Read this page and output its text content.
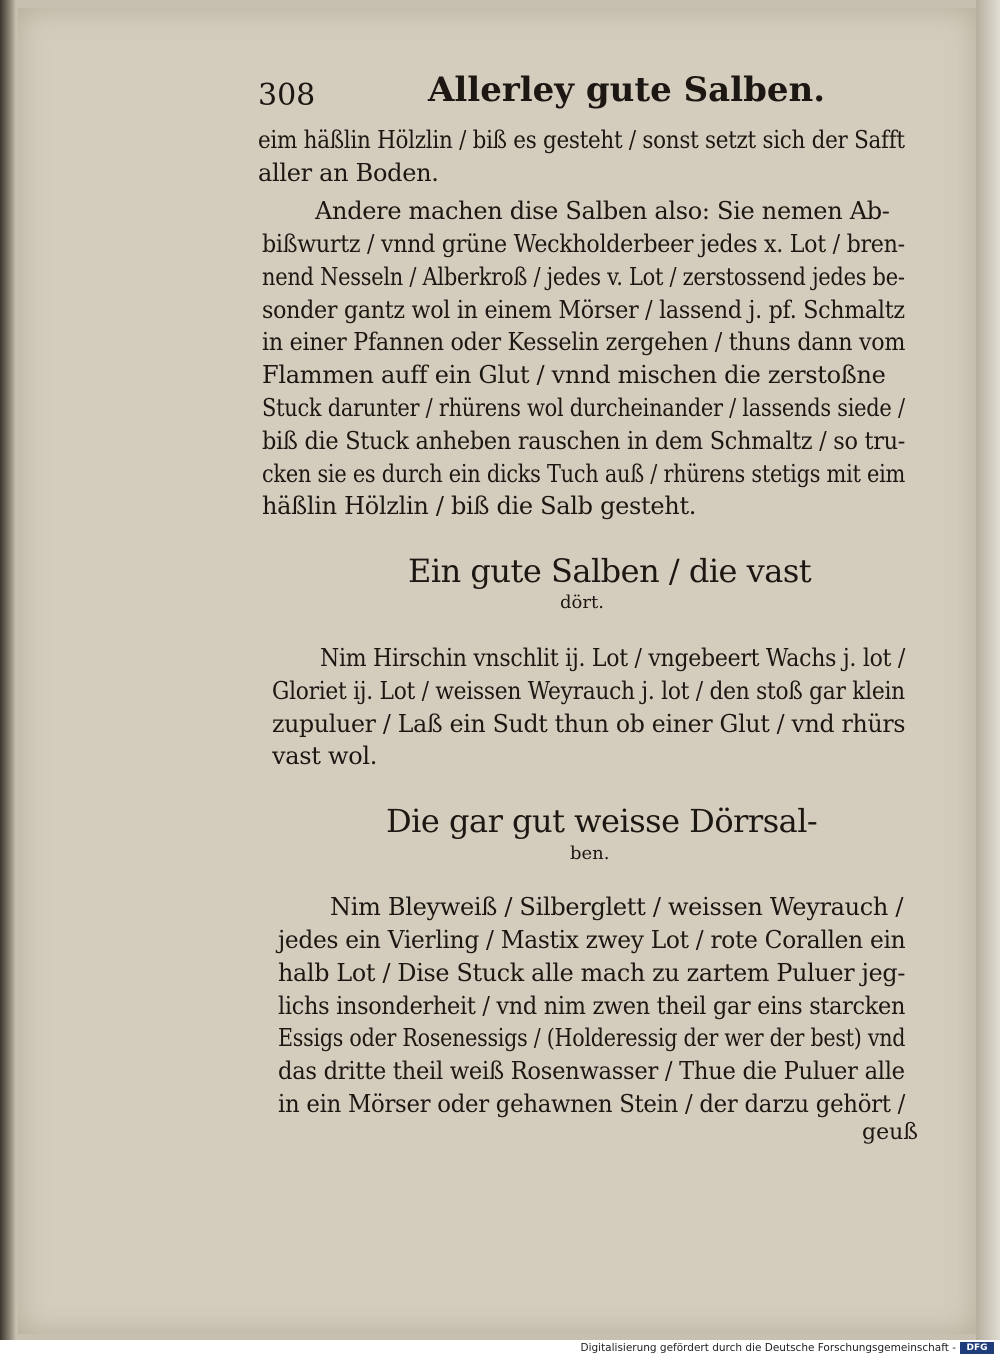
308	Allerley gute Salben.
eim häßlin Hölzlin / biß es gesteht / sonst setzt sich der Safft
aller an Boden.
Andere machen dise Salben also: Sie nemen Ab-
bißwurtz / vnnd grüne Weckholderbeer jedes x. Lot / bren-
nend Nesseln / Alberkroß / jedes v. Lot / zerstossend jedes be-
sonder gantz wol in einem Mörser / lassend j. pf. Schmaltz
in einer Pfannen oder Kesselin zergehen / thuns dann vom
Flammen auff ein Glut / vnnd mischen die zerstoßne
Stuck darunter / rhürens wol durcheinander / lassends siede /
biß die Stuck anheben rauschen in dem Schmaltz / so tru-
cken sie es durch ein dicks Tuch auß / rhürens stetigs mit eim
häßlin Hölzlin / biß die Salb gesteht.
Ein gute Salben / die vast
dört.
Nim Hirschin vnschlit ij. Lot / vngebeert Wachs j. lot /
Gloriet ij. Lot / weissen Weyrauch j. lot / den stoß gar klein
zupuluer / Laß ein Sudt thun ob einer Glut / vnd rhürs
vast wol.
Die gar gut weisse Dörrsal-
ben.
Nim Bleyweiß / Silberglett / weissen Weyrauch /
jedes ein Vierling / Mastix zwey Lot / rote Corallen ein
halb Lot / Dise Stuck alle mach zu zartem Puluer jeg-
lichs insonderheit / vnd nim zwen theil gar eins starcken
Essigs oder Rosenessigs / (Holderessig der wer der best) vnd
das dritte theil weiß Rosenwasser / Thue die Puluer alle
in ein Mörser oder gehawnen Stein / der darzu gehört /
geuß
Digitalisierung gefördert durch die Deutsche Forschungsgemeinschaft -	DFG
